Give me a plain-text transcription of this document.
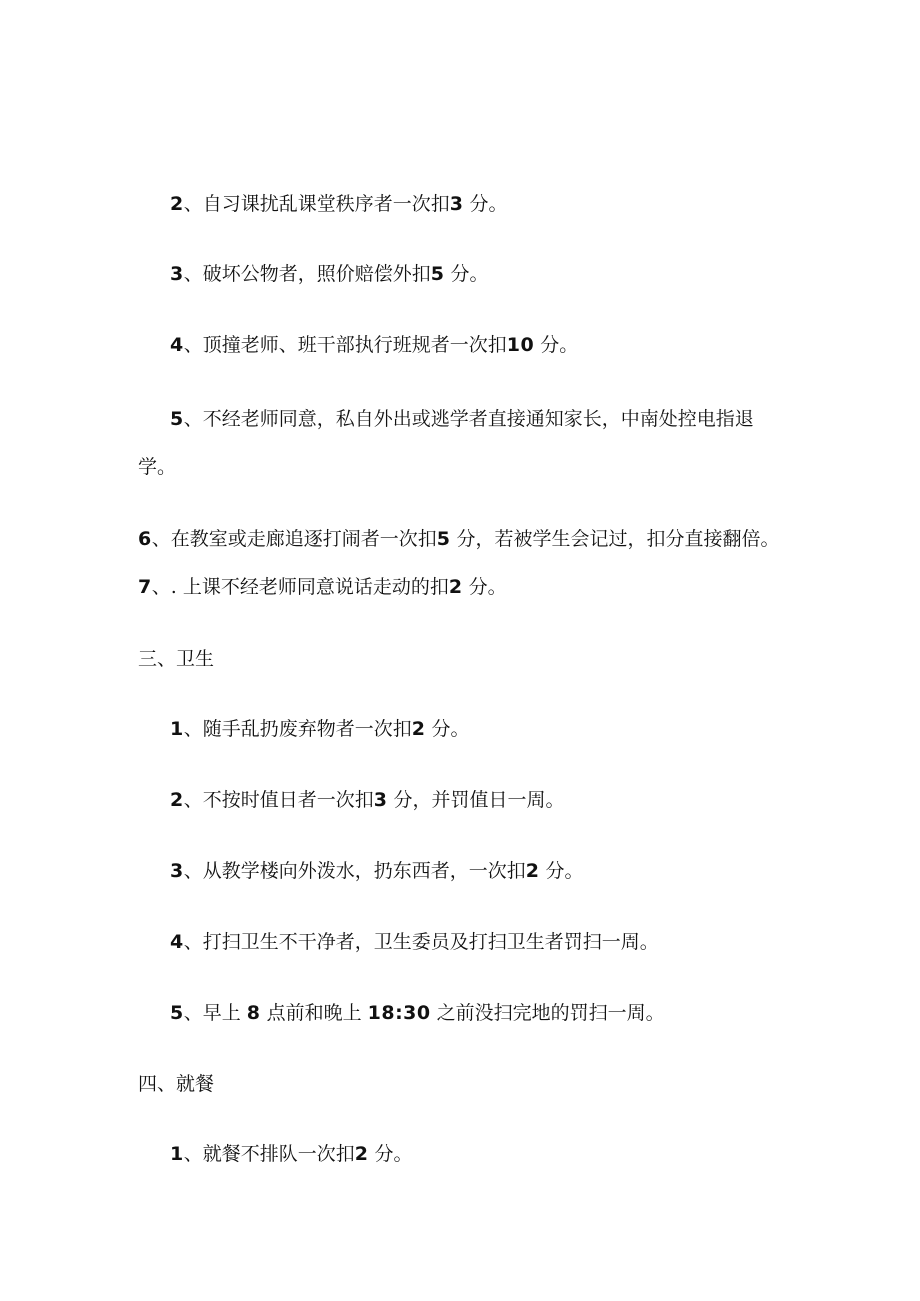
2、自习课扰乱课堂秩序者一次扣3 分。
3、破坏公物者，照价赔偿外扣5 分。
4、顶撞老师、班干部执行班规者一次扣10 分。
5、不经老师同意，私自外出或逃学者直接通知家长，中南处控电指退学。
6、在教室或走廊追逐打闹者一次扣5 分，若被学生会记过，扣分直接翻倍。7、. 上课不经老师同意说话走动的扣2 分。
三、卫生
1、随手乱扔废弃物者一次扣2 分。
2、不按时值日者一次扣3 分，并罚值日一周。
3、从教学楼向外泼水，扔东西者，一次扣2 分。
4、打扫卫生不干净者，卫生委员及打扫卫生者罚扫一周。
5、早上 8 点前和晚上 18:30 之前没扫完地的罚扫一周。
四、就餐
1、就餐不排队一次扣2 分。
